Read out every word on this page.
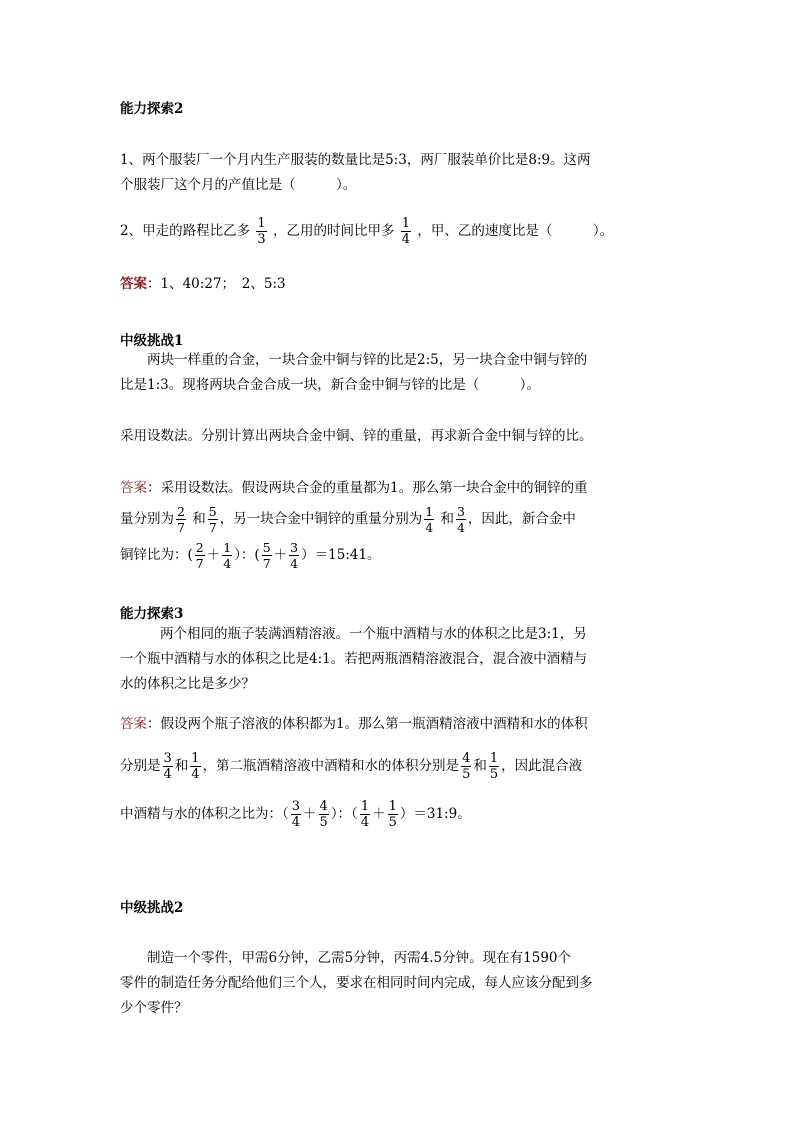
能力探索2

1、两个服装厂一个月内生产服装的数量比是5:3，两厂服装单价比是8:9。这两
个服装厂这个月的产值比是（　　　）。
2、甲走的路程比乙多 $\frac{1}{3}$ ，乙用的时间比甲多 $\frac{1}{4}$ ，甲、乙的速度比是（　　　）。
答案：1、40:27；　2、5:3

中级挑战1

两块一样重的合金，一块合金中铜与锌的比是2:5，另一块合金中铜与锌的
比是1:3。现将两块合金合成一块，新合金中铜与锌的比是（　　　）。
采用设数法。分别计算出两块合金中铜、锌的重量，再求新合金中铜与锌的比。
答案：采用设数法。假设两块合金的重量都为1。那么第一块合金中的铜锌的重
量分别为 $\frac{2}{7}$ 和 $\frac{5}{7}$ ，另一块合金中铜锌的重量分别为 $\frac{1}{4}$ 和 $\frac{3}{4}$ ，因此，新合金中
铜锌比为：( $\frac{2}{7} + \frac{1}{4}$ ）：( $\frac{5}{7} + \frac{3}{4}$ ）＝15:41。

能力探索3

两个相同的瓶子装满酒精溶液。一个瓶中酒精与水的体积之比是3:1，另
一个瓶中酒精与水的体积之比是4:1。若把两瓶酒精溶液混合，混合液中酒精与
水的体积之比是多少？
答案：假设两个瓶子溶液的体积都为1。那么第一瓶酒精溶液中酒精和水的体积
分别是 $\frac{3}{4}$ 和 $\frac{1}{4}$ ，第二瓶酒精溶液中酒精和水的体积分别是 $\frac{4}{5}$ 和 $\frac{1}{5}$ ，因此混合液
中酒精与水的体积之比为：（ $\frac{3}{4} + \frac{4}{5}$ ）：（ $\frac{1}{4} + \frac{1}{5}$ ）＝31:9。

中级挑战2

制造一个零件，甲需6分钟，乙需5分钟，丙需4.5分钟。现在有1590个
零件的制造任务分配给他们三个人，要求在相同时间内完成，每人应该分配到多
少个零件？
